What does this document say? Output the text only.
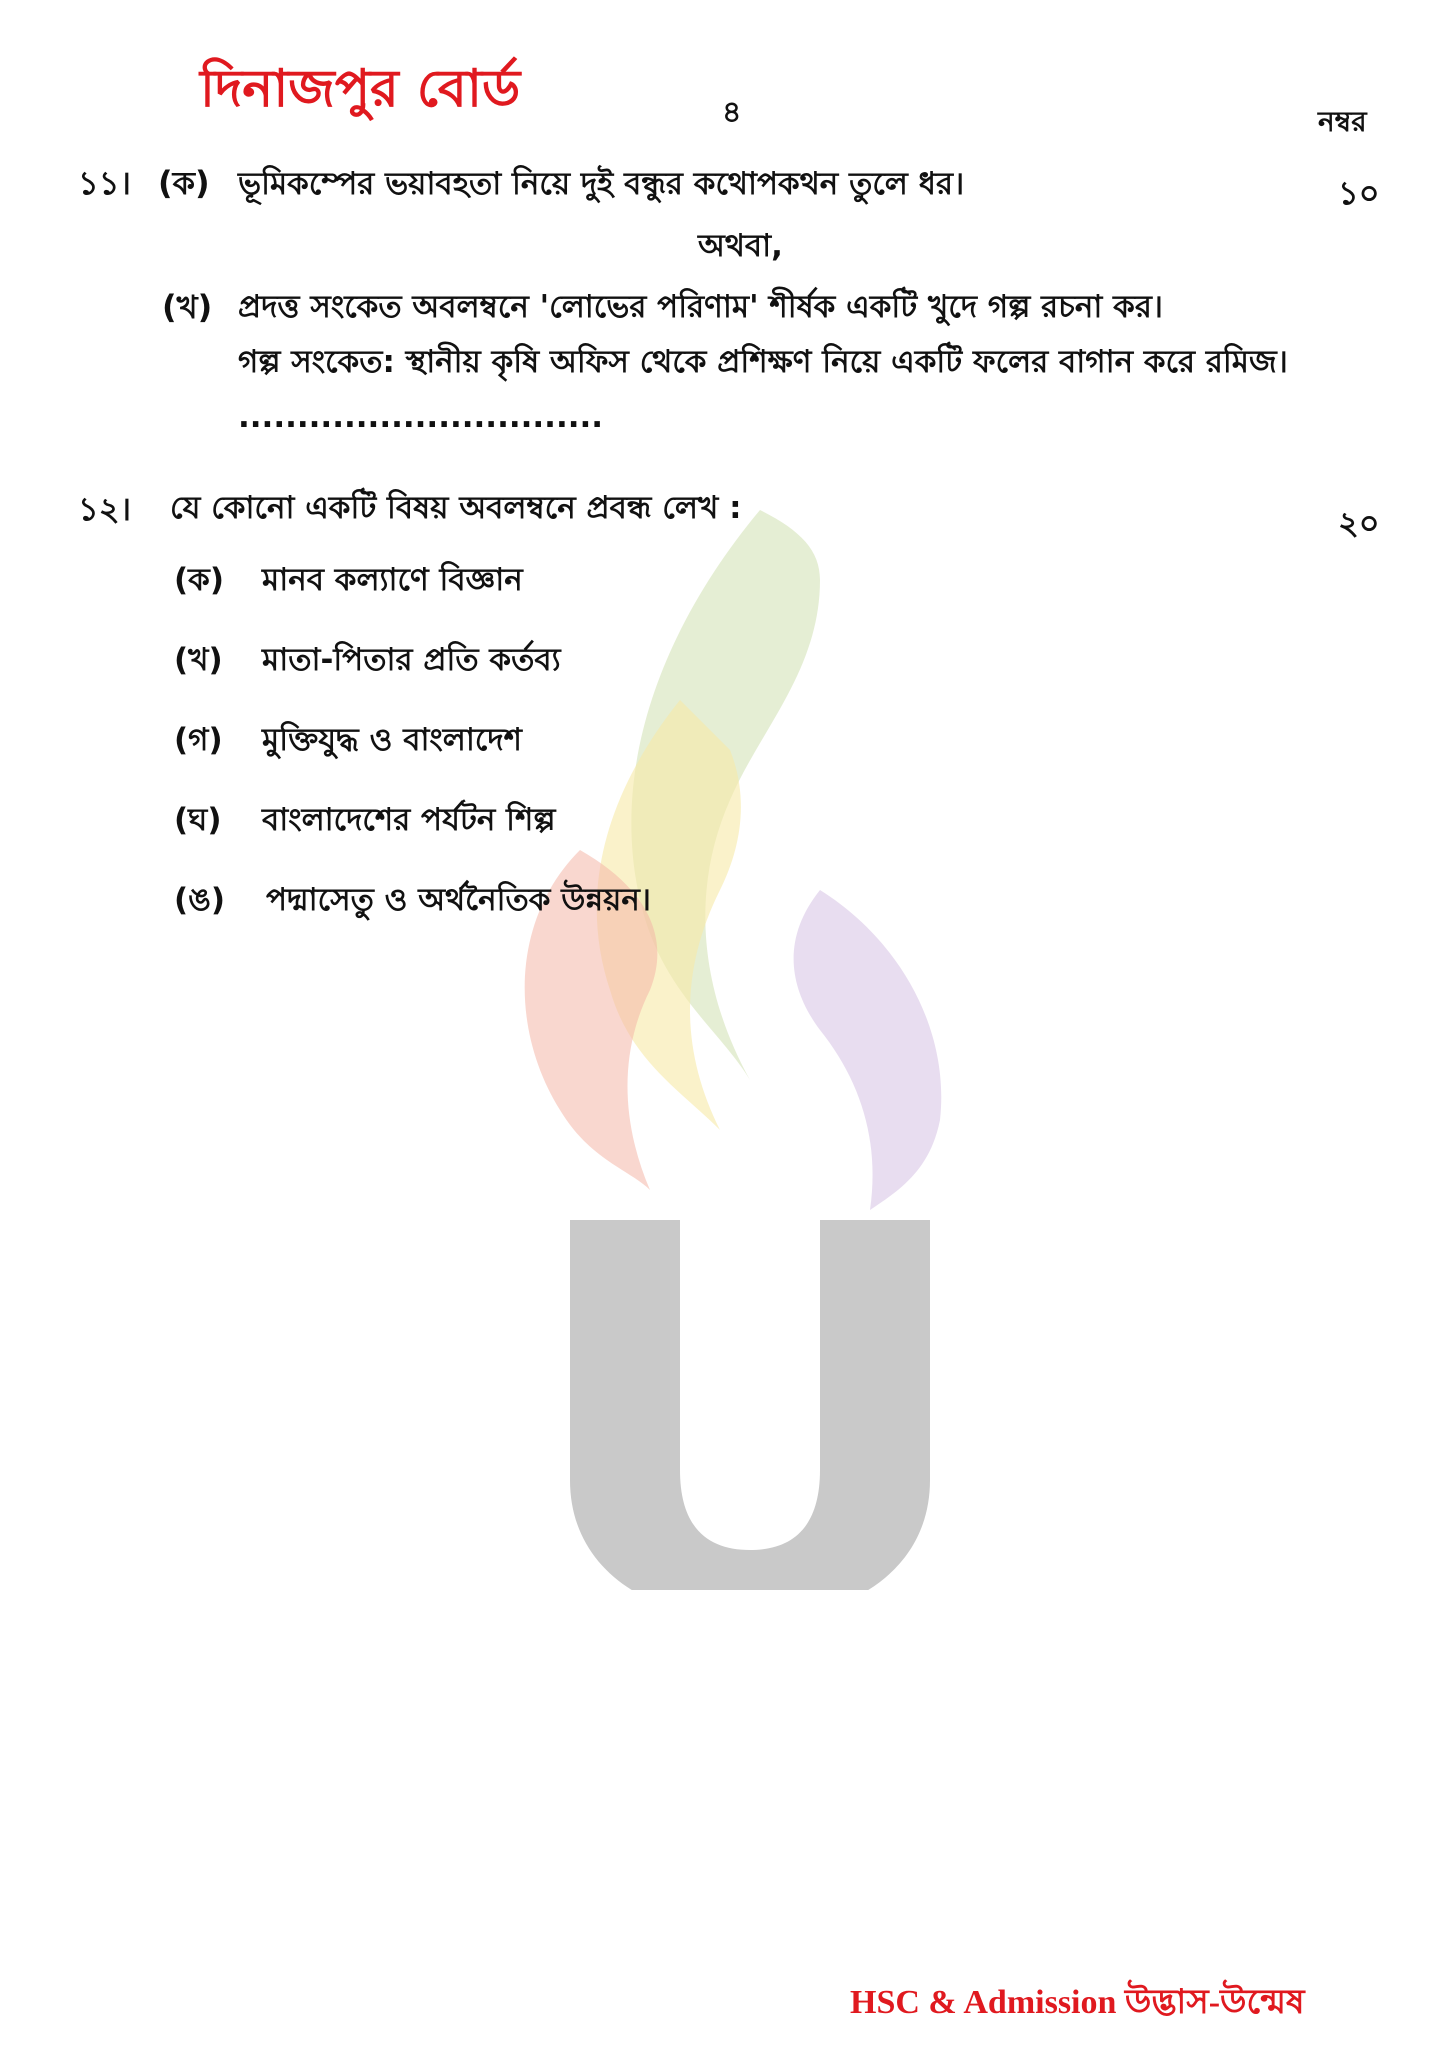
দিনাজপুর বোর্ড	৪	নম্বর
১১। (ক) ভূমিকম্পের ভয়াবহতা নিয়ে দুই বন্ধুর কথোপকথন তুলে ধর।	১০
অথবা,
(খ) প্রদত্ত সংকেত অবলম্বনে 'লোভের পরিণাম' শীর্ষক একটি খুদে গল্প রচনা কর।
গল্প সংকেত: স্থানীয় কৃষি অফিস থেকে প্রশিক্ষণ নিয়ে একটি ফলের বাগান করে রমিজ। ...............................
১২। যে কোনো একটি বিষয় অবলম্বনে প্রবন্ধ লেখ :	২০
(ক) মানব কল্যাণে বিজ্ঞান
(খ) মাতা-পিতার প্রতি কর্তব্য
(গ) মুক্তিযুদ্ধ ও বাংলাদেশ
(ঘ) বাংলাদেশের পর্যটন শিল্প
(ঙ) পদ্মাসেতু ও অর্থনৈতিক উন্নয়ন।
HSC & Admission উদ্ভাস-উন্মেষ
